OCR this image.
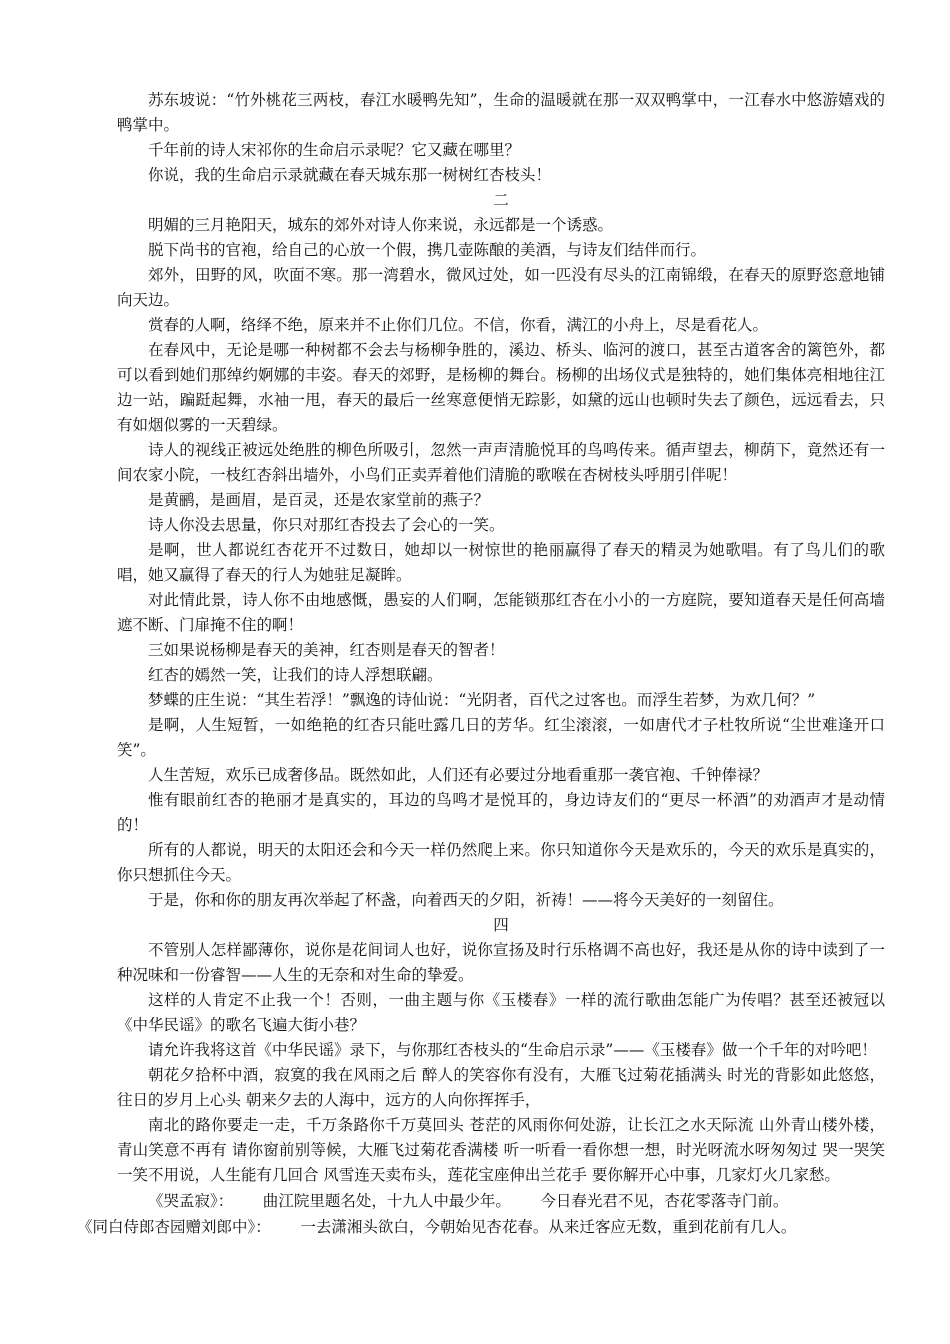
苏东坡说：“竹外桃花三两枝，春江水暖鸭先知”，生命的温暖就在那一双双鸭掌中，一江春水中悠游嬉戏的鸭掌中。

千年前的诗人宋祁你的生命启示录呢？它又藏在哪里？

你说，我的生命启示录就藏在春天城东那一树树红杏枝头！

二

明媚的三月艳阳天，城东的郊外对诗人你来说，永远都是一个诱惑。

脱下尚书的官袍，给自己的心放一个假，携几壶陈酿的美酒，与诗友们结伴而行。

郊外，田野的风，吹面不寒。那一湾碧水，微风过处，如一匹没有尽头的江南锦缎，在春天的原野恣意地铺向天边。

赏春的人啊，络绎不绝，原来并不止你们几位。不信，你看，满江的小舟上，尽是看花人。

在春风中，无论是哪一种树都不会去与杨柳争胜的，溪边、桥头、临河的渡口，甚至古道客舍的篱笆外，都可以看到她们那绰约婀娜的丰姿。春天的郊野，是杨柳的舞台。杨柳的出场仪式是独特的，她们集体亮相地往江边一站，蹁跹起舞，水袖一甩，春天的最后一丝寒意便悄无踪影，如黛的远山也顿时失去了颜色，远远看去，只有如烟似雾的一天碧绿。

诗人的视线正被远处绝胜的柳色所吸引，忽然一声声清脆悦耳的鸟鸣传来。循声望去，柳荫下，竟然还有一间农家小院，一枝红杏斜出墙外，小鸟们正卖弄着他们清脆的歌喉在杏树枝头呼朋引伴呢！

是黄鹂，是画眉，是百灵，还是农家堂前的燕子？

诗人你没去思量，你只对那红杏投去了会心的一笑。

是啊，世人都说红杏花开不过数日，她却以一树惊世的艳丽赢得了春天的精灵为她歌唱。有了鸟儿们的歌唱，她又赢得了春天的行人为她驻足凝眸。

对此情此景，诗人你不由地感慨，愚妄的人们啊，怎能锁那红杏在小小的一方庭院，要知道春天是任何高墙遮不断、门扉掩不住的啊！

三如果说杨柳是春天的美神，红杏则是春天的智者！

红杏的嫣然一笑，让我们的诗人浮想联翩。

梦蝶的庄生说：“其生若浮！”飘逸的诗仙说：“光阴者，百代之过客也。而浮生若梦，为欢几何？”

是啊，人生短暂，一如绝艳的红杏只能吐露几日的芳华。红尘滚滚，一如唐代才子杜牧所说“尘世难逢开口笑”。

人生苦短，欢乐已成奢侈品。既然如此，人们还有必要过分地看重那一袭官袍、千钟俸禄？

惟有眼前红杏的艳丽才是真实的，耳边的鸟鸣才是悦耳的，身边诗友们的“更尽一杯酒”的劝酒声才是动情的！

所有的人都说，明天的太阳还会和今天一样仍然爬上来。你只知道你今天是欢乐的，今天的欢乐是真实的，你只想抓住今天。

于是，你和你的朋友再次举起了杯盏，向着西天的夕阳，祈祷！——将今天美好的一刻留住。

四

不管别人怎样鄙薄你，说你是花间词人也好，说你宣扬及时行乐格调不高也好，我还是从你的诗中读到了一种况味和一份睿智——人生的无奈和对生命的挚爱。

这样的人肯定不止我一个！否则，一曲主题与你《玉楼春》一样的流行歌曲怎能广为传唱？甚至还被冠以《中华民谣》的歌名飞遍大街小巷？

请允许我将这首《中华民谣》录下，与你那红杏枝头的“生命启示录”——《玉楼春》做一个千年的对吟吧！

朝花夕拾杯中酒，寂寞的我在风雨之后 醉人的笑容你有没有，大雁飞过菊花插满头 时光的背影如此悠悠，往日的岁月上心头 朝来夕去的人海中，远方的人向你挥挥手，

南北的路你要走一走，千万条路你千万莫回头 苍茫的风雨你何处游，让长江之水天际流 山外青山楼外楼，青山笑意不再有 请你窗前别等候，大雁飞过菊花香满楼 听一听看一看你想一想，时光呀流水呀匆匆过 哭一哭笑一笑不用说，人生能有几回合 风雪连天卖布头，莲花宝座伸出兰花手 要你解开心中事，几家灯火几家愁。

《哭孟寂》：      曲江院里题名处，十九人中最少年。      今日春光君不见，杏花零落寺门前。

《同白侍郎杏园赠刘郎中》：      一去潇湘头欲白，今朝始见杏花春。从来迁客应无数，重到花前有几人。
